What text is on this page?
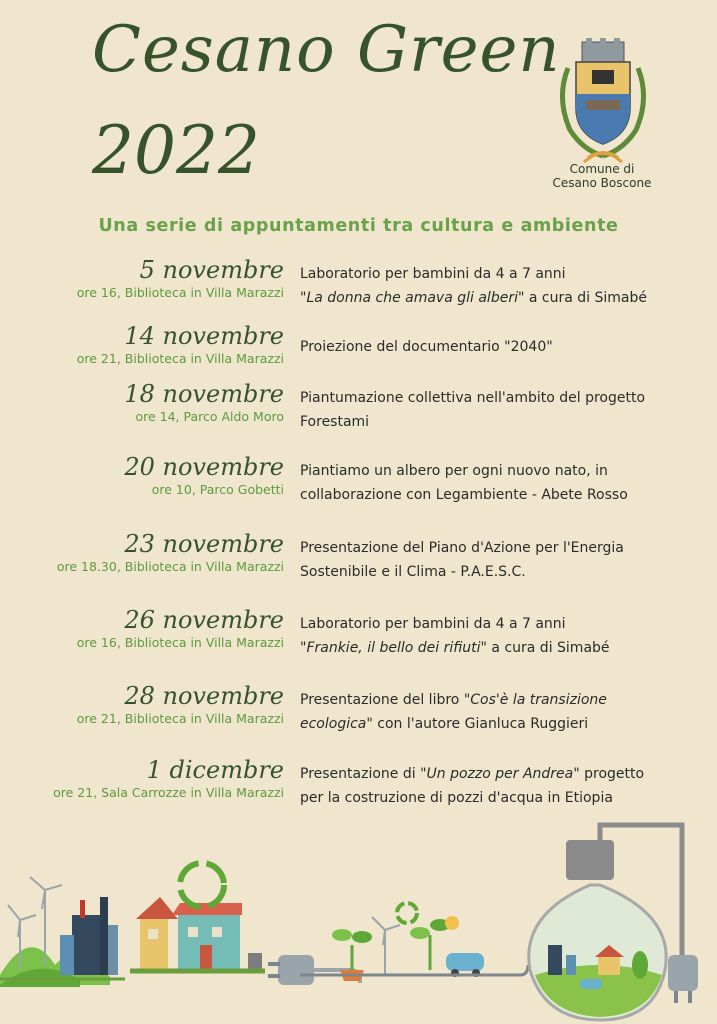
Cesano Green
2022	Comune di
Cesano Boscone
Una serie di appuntamenti tra cultura e ambiente
5 novembre
ore 16, Biblioteca in Villa Marazzi
Laboratorio per bambini da 4 a 7 anni
"La donna che amava gli alberi" a cura di Simabé
14 novembre
ore 21, Biblioteca in Villa Marazzi
Proiezione del documentario "2040"
18 novembre
ore 14, Parco Aldo Moro
Piantumazione collettiva nell'ambito del progetto
Forestami
20 novembre
ore 10, Parco Gobetti
Piantiamo un albero per ogni nuovo nato, in
collaborazione con Legambiente - Abete Rosso
23 novembre
ore 18.30, Biblioteca in Villa Marazzi
Presentazione del Piano d'Azione per l'Energia
Sostenibile e il Clima - P.A.E.S.C.
26 novembre
ore 16, Biblioteca in Villa Marazzi
Laboratorio per bambini da 4 a 7 anni
"Frankie, il bello dei rifiuti" a cura di Simabé
28 novembre
ore 21, Biblioteca in Villa Marazzi
Presentazione del libro "Cos'è la transizione
ecologica" con l'autore Gianluca Ruggieri
1 dicembre
ore 21, Sala Carrozze in Villa Marazzi
Presentazione di "Un pozzo per Andrea" progetto
per la costruzione di pozzi d'acqua in Etiopia
